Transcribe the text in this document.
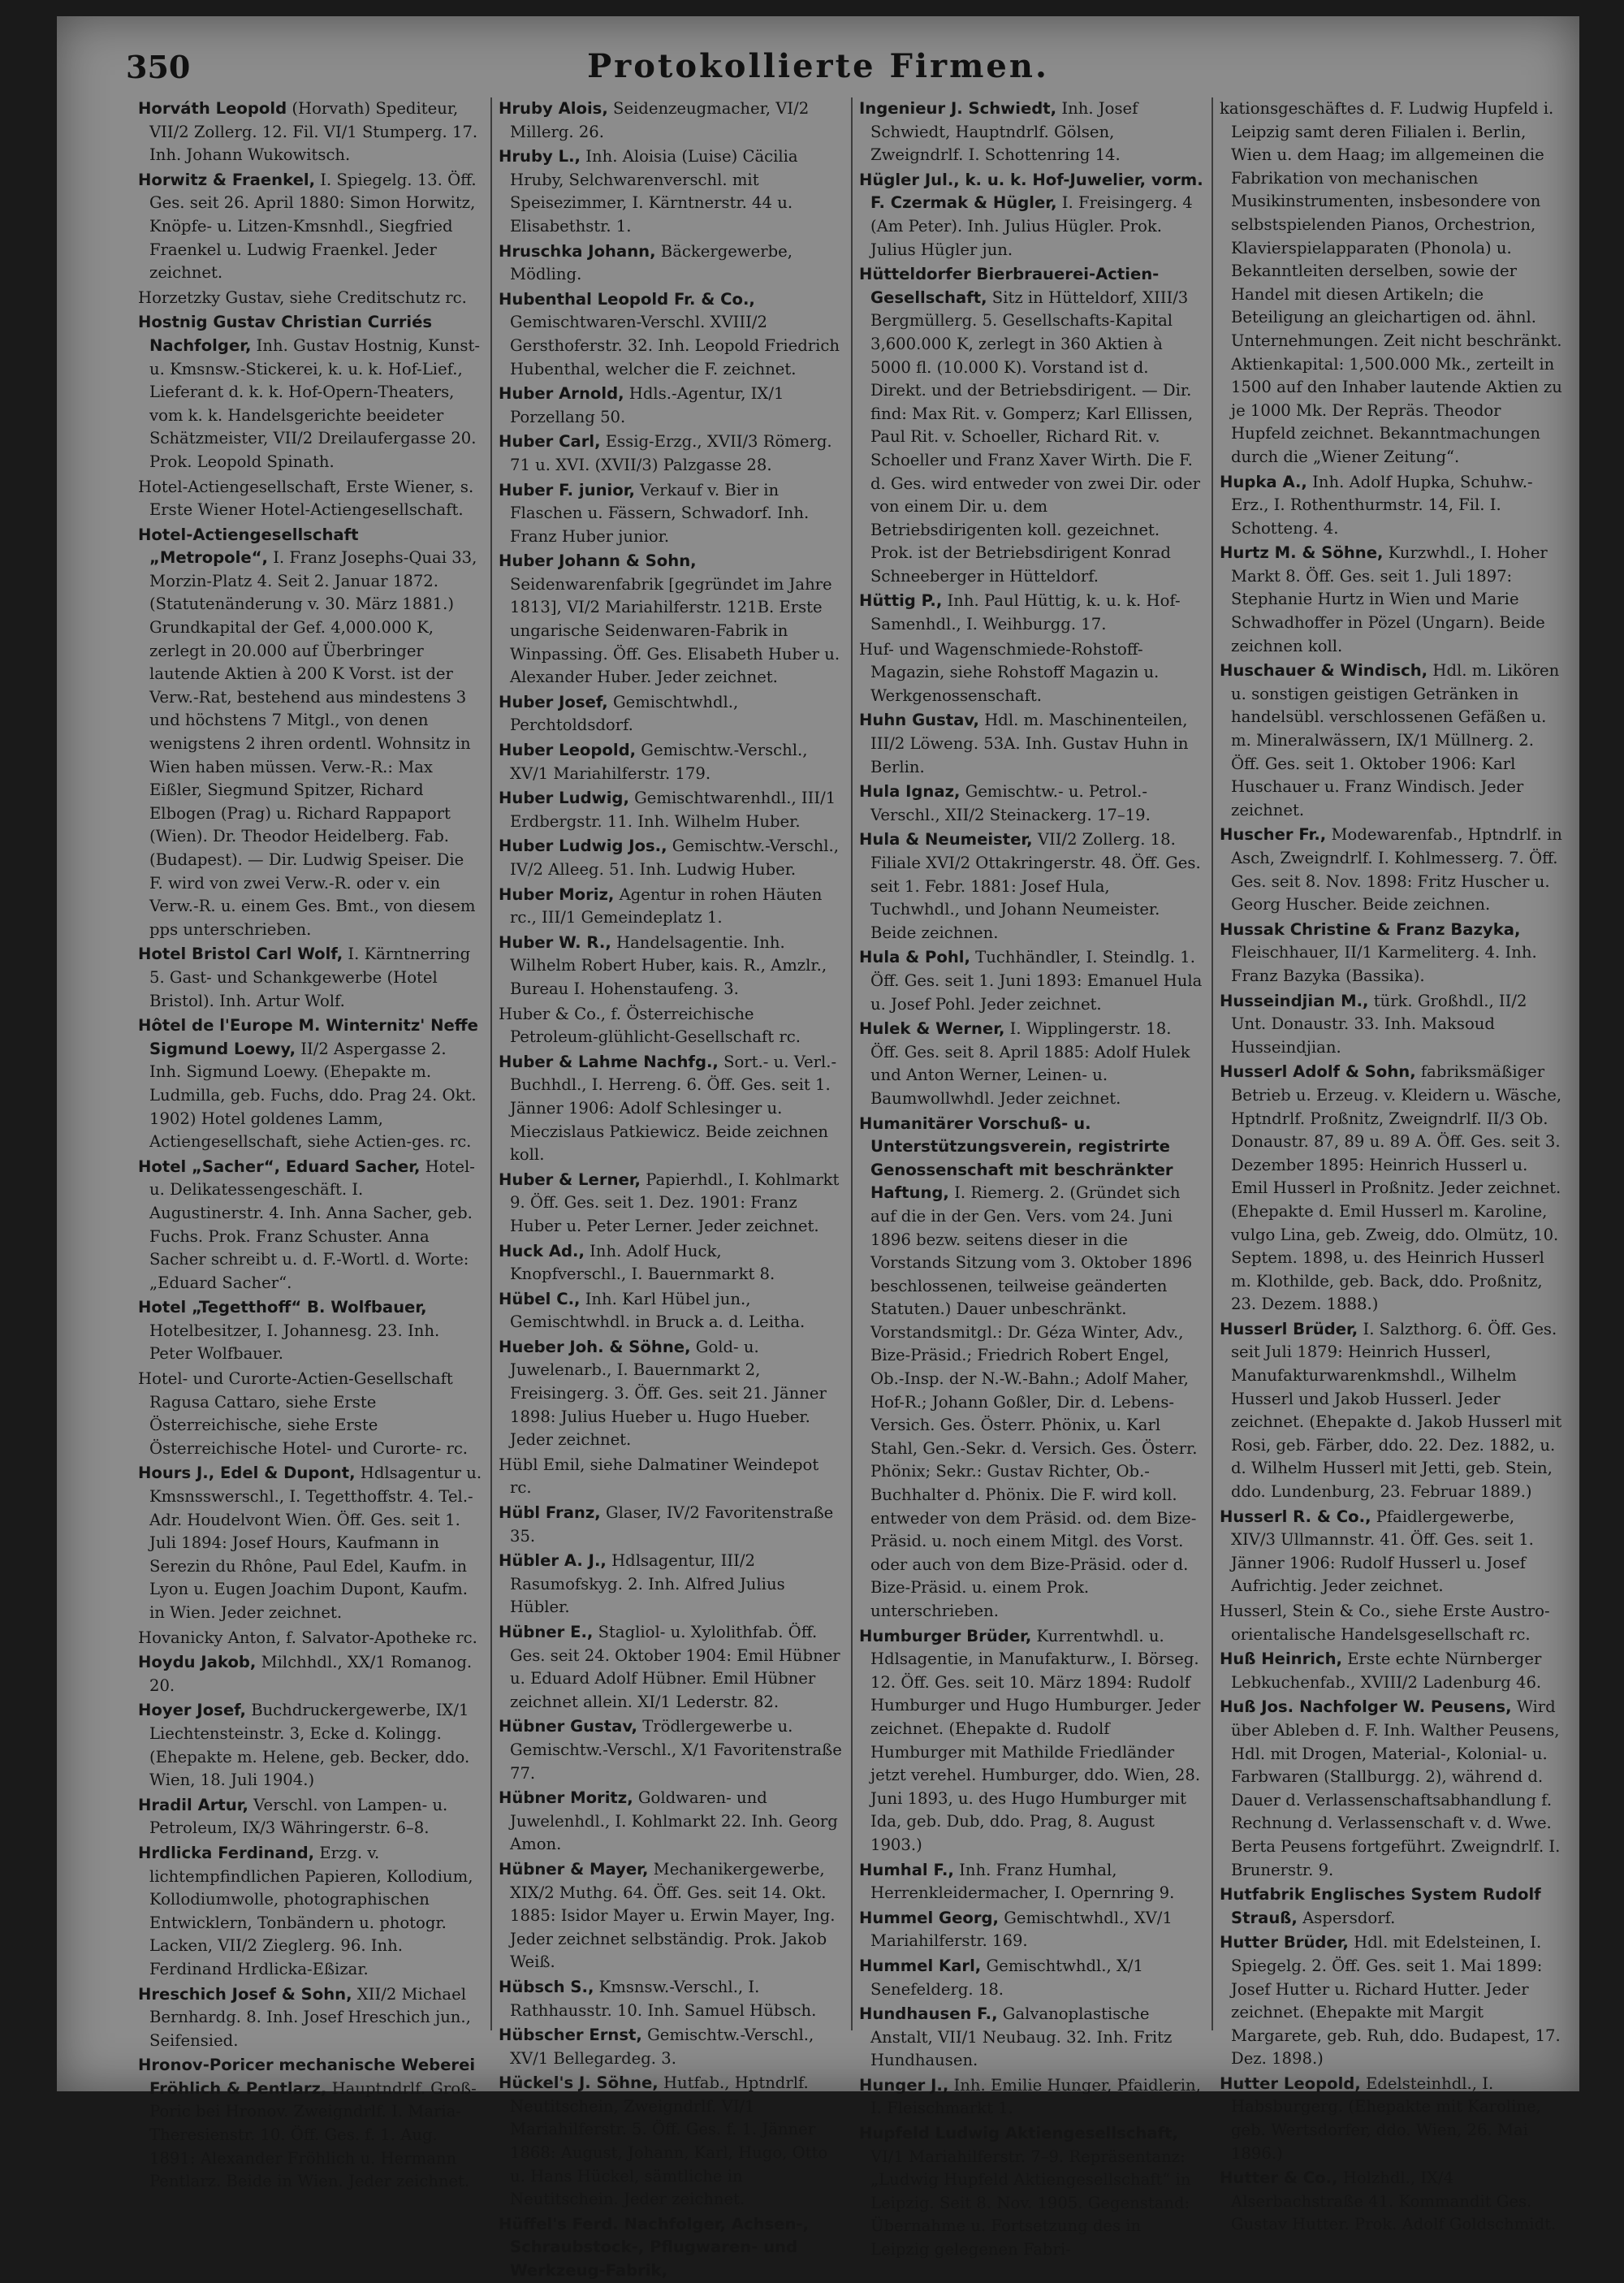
350	Protokollierte Firmen.

Horváth Leopold (Horvath) Spediteur, VII/2 Zollerg. 12. Fil. VI/1 Stumperg. 17. Inh. Johann Wukowitsch.

Horwitz & Fraenkel, I. Spiegelg. 13. Öff. Ges. seit 26. April 1880: Simon Horwitz, Knöpfe- u. Litzen-Kmsnhdl., Siegfried Fraenkel u. Ludwig Fraenkel. Jeder zeichnet.

Horzetzky Gustav, siehe Creditschutz rc.

Hostnig Gustav Christian Curriés Nachfolger, Inh. Gustav Hostnig, Kunst- u. Kmsnsw.-Stickerei, k. u. k. Hof-Lief., Lieferant d. k. k. Hof-Opern-Theaters, vom k. k. Handelsgerichte beeideter Schätzmeister, VII/2 Dreilaufergasse 20. Prok. Leopold Spinath.

Hotel-Actiengesellschaft, Erste Wiener, s. Erste Wiener Hotel-Actiengesellschaft.

Hotel-Actiengesellschaft „Metropole“, I. Franz Josephs-Quai 33, Morzin-Platz 4. Seit 2. Januar 1872. (Statutenänderung v. 30. März 1881.) Grundkapital der Gef. 4,000.000 K, zerlegt in 20.000 auf Überbringer lautende Aktien à 200 K Vorst. ist der Verw.-Rat, bestehend aus mindestens 3 und höchstens 7 Mitgl., von denen wenigstens 2 ihren ordentl. Wohnsitz in Wien haben müssen. Verw.-R.: Max Eißler, Siegmund Spitzer, Richard Elbogen (Prag) u. Richard Rappaport (Wien). Dr. Theodor Heidelberg. Fab. (Budapest). — Dir. Ludwig Speiser. Die F. wird von zwei Verw.-R. oder v. ein Verw.-R. u. einem Ges. Bmt., von diesem pps unterschrieben.

Hotel Bristol Carl Wolf, I. Kärntnerring 5. Gast- und Schankgewerbe (Hotel Bristol). Inh. Artur Wolf.

Hôtel de l'Europe M. Winternitz' Neffe Sigmund Loewy, II/2 Aspergasse 2. Inh. Sigmund Loewy. (Ehepakte m. Ludmilla, geb. Fuchs, ddo. Prag 24. Okt. 1902) Hotel goldenes Lamm, Actiengesellschaft, siehe Actien-ges. rc.

Hotel „Sacher“, Eduard Sacher, Hotel- u. Delikatessengeschäft. I. Augustinerstr. 4. Inh. Anna Sacher, geb. Fuchs. Prok. Franz Schuster. Anna Sacher schreibt u. d. F.-Wortl. d. Worte: „Eduard Sacher“.

Hotel „Tegetthoff“ B. Wolfbauer, Hotelbesitzer, I. Johannesg. 23. Inh. Peter Wolfbauer.

Hotel- und Curorte-Actien-Gesellschaft Ragusa Cattaro, siehe Erste Österreichische, siehe Erste Österreichische Hotel- und Curorte- rc.

Hours J., Edel & Dupont, Hdlsagentur u. Kmsnsswerschl., I. Tegetthoffstr. 4. Tel.-Adr. Houdelvont Wien. Öff. Ges. seit 1. Juli 1894: Josef Hours, Kaufmann in Serezin du Rhône, Paul Edel, Kaufm. in Lyon u. Eugen Joachim Dupont, Kaufm. in Wien. Jeder zeichnet.

Hovanicky Anton, f. Salvator-Apotheke rc.

Hoydu Jakob, Milchhdl., XX/1 Romanog. 20.

Hoyer Josef, Buchdruckergewerbe, IX/1 Liechtensteinstr. 3, Ecke d. Kolingg. (Ehepakte m. Helene, geb. Becker, ddo. Wien, 18. Juli 1904.)

Hradil Artur, Verschl. von Lampen- u. Petroleum, IX/3 Währingerstr. 6–8.

Hrdlicka Ferdinand, Erzg. v. lichtempfindlichen Papieren, Kollodium, Kollodiumwolle, photographischen Entwicklern, Tonbändern u. photogr. Lacken, VII/2 Zieglerg. 96. Inh. Ferdinand Hrdlicka-Eßizar.

Hreschich Josef & Sohn, XII/2 Michael Bernhardg. 8. Inh. Josef Hreschich jun., Seifensied.

Hronov-Poricer mechanische Weberei Fröhlich & Pentlarz, Hauptndrlf. Groß-Poric bei Hronov. Zweigndrlf. I. Maria-Theresienstr. 10. Öff. Ges. f. 1. Aug. 1891: Alexander Fröhlich u. Hermann Pentlarz. Beide in Wien. Jeder zeichnet.

Hruby Alois, Seidenzeugmacher, VI/2 Millerg. 26.

Hruby L., Inh. Aloisia (Luise) Cäcilia Hruby, Selchwarenverschl. mit Speisezimmer, I. Kärntnerstr. 44 u. Elisabethstr. 1.

Hruschka Johann, Bäckergewerbe, Mödling.

Hubenthal Leopold Fr. & Co., Gemischtwaren-Verschl. XVIII/2 Gersthoferstr. 32. Inh. Leopold Friedrich Hubenthal, welcher die F. zeichnet.

Huber Arnold, Hdls.-Agentur, IX/1 Porzellang 50.

Huber Carl, Essig-Erzg., XVII/3 Römerg. 71 u. XVI. (XVII/3) Palzgasse 28.

Huber F. junior, Verkauf v. Bier in Flaschen u. Fässern, Schwadorf. Inh. Franz Huber junior.

Huber Johann & Sohn, Seidenwarenfabrik [gegründet im Jahre 1813], VI/2 Mariahilferstr. 121B. Erste ungarische Seidenwaren-Fabrik in Winpassing. Öff. Ges. Elisabeth Huber u. Alexander Huber. Jeder zeichnet.

Huber Josef, Gemischtwhdl., Perchtoldsdorf.

Huber Leopold, Gemischtw.-Verschl., XV/1 Mariahilferstr. 179.

Huber Ludwig, Gemischtwarenhdl., III/1 Erdbergstr. 11. Inh. Wilhelm Huber.

Huber Ludwig Jos., Gemischtw.-Verschl., IV/2 Alleeg. 51. Inh. Ludwig Huber.

Huber Moriz, Agentur in rohen Häuten rc., III/1 Gemeindeplatz 1.

Huber W. R., Handelsagentie. Inh. Wilhelm Robert Huber, kais. R., Amzlr., Bureau I. Hohenstaufeng. 3.

Huber & Co., f. Österreichische Petroleum-glühlicht-Gesellschaft rc.

Huber & Lahme Nachfg., Sort.- u. Verl.-Buchhdl., I. Herreng. 6. Öff. Ges. seit 1. Jänner 1906: Adolf Schlesinger u. Mieczislaus Patkiewicz. Beide zeichnen koll.

Huber & Lerner, Papierhdl., I. Kohlmarkt 9. Öff. Ges. seit 1. Dez. 1901: Franz Huber u. Peter Lerner. Jeder zeichnet.

Huck Ad., Inh. Adolf Huck, Knopfverschl., I. Bauernmarkt 8.

Hübel C., Inh. Karl Hübel jun., Gemischtwhdl. in Bruck a. d. Leitha.

Hueber Joh. & Söhne, Gold- u. Juwelenarb., I. Bauernmarkt 2, Freisingerg. 3. Öff. Ges. seit 21. Jänner 1898: Julius Hueber u. Hugo Hueber. Jeder zeichnet.

Hübl Emil, siehe Dalmatiner Weindepot rc.

Hübl Franz, Glaser, IV/2 Favoritenstraße 35.

Hübler A. J., Hdlsagentur, III/2 Rasumofskyg. 2. Inh. Alfred Julius Hübler.

Hübner E., Stagliol- u. Xylolithfab. Öff. Ges. seit 24. Oktober 1904: Emil Hübner u. Eduard Adolf Hübner. Emil Hübner zeichnet allein. XI/1 Lederstr. 82.

Hübner Gustav, Trödlergewerbe u. Gemischtw.-Verschl., X/1 Favoritenstraße 77.

Hübner Moritz, Goldwaren- und Juwelenhdl., I. Kohlmarkt 22. Inh. Georg Amon.

Hübner & Mayer, Mechanikergewerbe, XIX/2 Muthg. 64. Öff. Ges. seit 14. Okt. 1885: Isidor Mayer u. Erwin Mayer, Ing. Jeder zeichnet selbständig. Prok. Jakob Weiß.

Hübsch S., Kmsnsw.-Verschl., I. Rathhausstr. 10. Inh. Samuel Hübsch.

Hübscher Ernst, Gemischtw.-Verschl., XV/1 Bellegardeg. 3.

Hückel's J. Söhne, Hutfab., Hptndrlf. Neutitschein, Zweigndrlf. VI/1 Mariahilferstr. 5. Öff. Ges. f. 1. Jänner 1868: August, Johann, Karl, Hugo, Otto u. Hans Hückel, sämtliche in Neutitschein. Jeder zeichnet.

Hüffel's Ferd. Nachfolger, Achsen-, Schraubstock-, Pflugwaren- und Werkzeug-Fabrik,

Ingenieur J. Schwiedt, Inh. Josef Schwiedt, Hauptndrlf. Gölsen, Zweigndrlf. I. Schottenring 14.

Hügler Jul., k. u. k. Hof-Juwelier, vorm. F. Czermak & Hügler, I. Freisingerg. 4 (Am Peter). Inh. Julius Hügler. Prok. Julius Hügler jun.

Hütteldorfer Bierbrauerei-Actien-Gesellschaft, Sitz in Hütteldorf, XIII/3 Bergmüllerg. 5. Gesellschafts-Kapital 3,600.000 K, zerlegt in 360 Aktien à 5000 fl. (10.000 K). Vorstand ist d. Direkt. und der Betriebsdirigent. — Dir. find: Max Rit. v. Gomperz; Karl Ellissen, Paul Rit. v. Schoeller, Richard Rit. v. Schoeller und Franz Xaver Wirth. Die F. d. Ges. wird entweder von zwei Dir. oder von einem Dir. u. dem Betriebsdirigenten koll. gezeichnet. Prok. ist der Betriebsdirigent Konrad Schneeberger in Hütteldorf.

Hüttig P., Inh. Paul Hüttig, k. u. k. Hof-Samenhdl., I. Weihburgg. 17.

Huf- und Wagenschmiede-Rohstoff-Magazin, siehe Rohstoff Magazin u. Werkgenossenschaft.

Huhn Gustav, Hdl. m. Maschinenteilen, III/2 Löweng. 53A. Inh. Gustav Huhn in Berlin.

Hula Ignaz, Gemischtw.- u. Petrol.-Verschl., XII/2 Steinackerg. 17–19.

Hula & Neumeister, VII/2 Zollerg. 18. Filiale XVI/2 Ottakringerstr. 48. Öff. Ges. seit 1. Febr. 1881: Josef Hula, Tuchwhdl., und Johann Neumeister. Beide zeichnen.

Hula & Pohl, Tuchhändler, I. Steindlg. 1. Öff. Ges. seit 1. Juni 1893: Emanuel Hula u. Josef Pohl. Jeder zeichnet.

Hulek & Werner, I. Wipplingerstr. 18. Öff. Ges. seit 8. April 1885: Adolf Hulek und Anton Werner, Leinen- u. Baumwollwhdl. Jeder zeichnet.

Humanitärer Vorschuß- u. Unterstützungsverein, registrirte Genossenschaft mit beschränkter Haftung, I. Riemerg. 2. (Gründet sich auf die in der Gen. Vers. vom 24. Juni 1896 bezw. seitens dieser in die Vorstands Sitzung vom 3. Oktober 1896 beschlossenen, teilweise geänderten Statuten.) Dauer unbeschränkt. Vorstandsmitgl.: Dr. Géza Winter, Adv., Bize-Präsid.; Friedrich Robert Engel, Ob.-Insp. der N.-W.-Bahn.; Adolf Maher, Hof-R.; Johann Goßler, Dir. d. Lebens-Versich. Ges. Österr. Phönix, u. Karl Stahl, Gen.-Sekr. d. Versich. Ges. Österr. Phönix; Sekr.: Gustav Richter, Ob.-Buchhalter d. Phönix. Die F. wird koll. entweder von dem Präsid. od. dem Bize-Präsid. u. noch einem Mitgl. des Vorst. oder auch von dem Bize-Präsid. oder d. Bize-Präsid. u. einem Prok. unterschrieben.

Humburger Brüder, Kurrentwhdl. u. Hdlsagentie, in Manufakturw., I. Börseg. 12. Öff. Ges. seit 10. März 1894: Rudolf Humburger und Hugo Humburger. Jeder zeichnet. (Ehepakte d. Rudolf Humburger mit Mathilde Friedländer jetzt verehel. Humburger, ddo. Wien, 28. Juni 1893, u. des Hugo Humburger mit Ida, geb. Dub, ddo. Prag, 8. August 1903.)

Humhal F., Inh. Franz Humhal, Herrenkleidermacher, I. Opernring 9.

Hummel Georg, Gemischtwhdl., XV/1 Mariahilferstr. 169.

Hummel Karl, Gemischtwhdl., X/1 Senefelderg. 18.

Hundhausen F., Galvanoplastische Anstalt, VII/1 Neubaug. 32. Inh. Fritz Hundhausen.

Hunger J., Inh. Emilie Hunger, Pfaidlerin, I. Fleischmarkt 1.

Hupfeld Ludwig Aktiengesellschaft, VI/1 Mariahilferstr. 7–9. Repräsentanz: „Ludwig Hupfeld Aktiengesellschaft“ in Leipzig. Seit 8. Nov. 1905. Gegenstand: Übernahme u. Fortsetzung des in Leipzig gelegenen Fabri-

kationsgeschäftes d. F. Ludwig Hupfeld i. Leipzig samt deren Filialen i. Berlin, Wien u. dem Haag; im allgemeinen die Fabrikation von mechanischen Musikinstrumenten, insbesondere von selbstspielenden Pianos, Orchestrion, Klavierspielapparaten (Phonola) u. Bekanntleiten derselben, sowie der Handel mit diesen Artikeln; die Beteiligung an gleichartigen od. ähnl. Unternehmungen. Zeit nicht beschränkt. Aktienkapital: 1,500.000 Mk., zerteilt in 1500 auf den Inhaber lautende Aktien zu je 1000 Mk. Der Repräs. Theodor Hupfeld zeichnet. Bekanntmachungen durch die „Wiener Zeitung“.

Hupka A., Inh. Adolf Hupka, Schuhw.-Erz., I. Rothenthurmstr. 14, Fil. I. Schotteng. 4.

Hurtz M. & Söhne, Kurzwhdl., I. Hoher Markt 8. Öff. Ges. seit 1. Juli 1897: Stephanie Hurtz in Wien und Marie Schwadhoffer in Pözel (Ungarn). Beide zeichnen koll.

Huschauer & Windisch, Hdl. m. Likören u. sonstigen geistigen Getränken in handelsübl. verschlossenen Gefäßen u. m. Mineralwässern, IX/1 Müllnerg. 2. Öff. Ges. seit 1. Oktober 1906: Karl Huschauer u. Franz Windisch. Jeder zeichnet.

Huscher Fr., Modewarenfab., Hptndrlf. in Asch, Zweigndrlf. I. Kohlmesserg. 7. Öff. Ges. seit 8. Nov. 1898: Fritz Huscher u. Georg Huscher. Beide zeichnen.

Hussak Christine & Franz Bazyka, Fleischhauer, II/1 Karmeliterg. 4. Inh. Franz Bazyka (Bassika).

Husseindjian M., türk. Großhdl., II/2 Unt. Donaustr. 33. Inh. Maksoud Husseindjian.

Husserl Adolf & Sohn, fabriksmäßiger Betrieb u. Erzeug. v. Kleidern u. Wäsche, Hptndrlf. Proßnitz, Zweigndrlf. II/3 Ob. Donaustr. 87, 89 u. 89 A. Öff. Ges. seit 3. Dezember 1895: Heinrich Husserl u. Emil Husserl in Proßnitz. Jeder zeichnet. (Ehepakte d. Emil Husserl m. Karoline, vulgo Lina, geb. Zweig, ddo. Olmütz, 10. Septem. 1898, u. des Heinrich Husserl m. Klothilde, geb. Back, ddo. Proßnitz, 23. Dezem. 1888.)

Husserl Brüder, I. Salzthorg. 6. Öff. Ges. seit Juli 1879: Heinrich Husserl, Manufakturwarenkmshdl., Wilhelm Husserl und Jakob Husserl. Jeder zeichnet. (Ehepakte d. Jakob Husserl mit Rosi, geb. Färber, ddo. 22. Dez. 1882, u. d. Wilhelm Husserl mit Jetti, geb. Stein, ddo. Lundenburg, 23. Februar 1889.)

Husserl R. & Co., Pfaidlergewerbe, XIV/3 Ullmannstr. 41. Öff. Ges. seit 1. Jänner 1906: Rudolf Husserl u. Josef Aufrichtig. Jeder zeichnet.

Husserl, Stein & Co., siehe Erste Austro-orientalische Handelsgesellschaft rc.

Huß Heinrich, Erste echte Nürnberger Lebkuchenfab., XVIII/2 Ladenburg 46.

Huß Jos. Nachfolger W. Peusens, Wird über Ableben d. F. Inh. Walther Peusens, Hdl. mit Drogen, Material-, Kolonial- u. Farbwaren (Stallburgg. 2), während d. Dauer d. Verlassenschaftsabhandlung f. Rechnung d. Verlassenschaft v. d. Wwe. Berta Peusens fortgeführt. Zweigndrlf. I. Brunerstr. 9.

Hutfabrik Englisches System Rudolf Strauß, Aspersdorf.

Hutter Brüder, Hdl. mit Edelsteinen, I. Spiegelg. 2. Öff. Ges. seit 1. Mai 1899: Josef Hutter u. Richard Hutter. Jeder zeichnet. (Ehepakte mit Margit Margarete, geb. Ruh, ddo. Budapest, 17. Dez. 1898.)

Hutter Leopold, Edelsteinhdl., I. Habsburgerg. (Ehepakte mit Karoline, geb. Wertsdorfer, ddo. Wien, 26. Mai 1896.)

Hutter & Co., Holzhdl., IX/4 Alserbachstraße 41. Kommandit Ges. Gustav Hutter. Prok. Adolf Goldschmidt.
